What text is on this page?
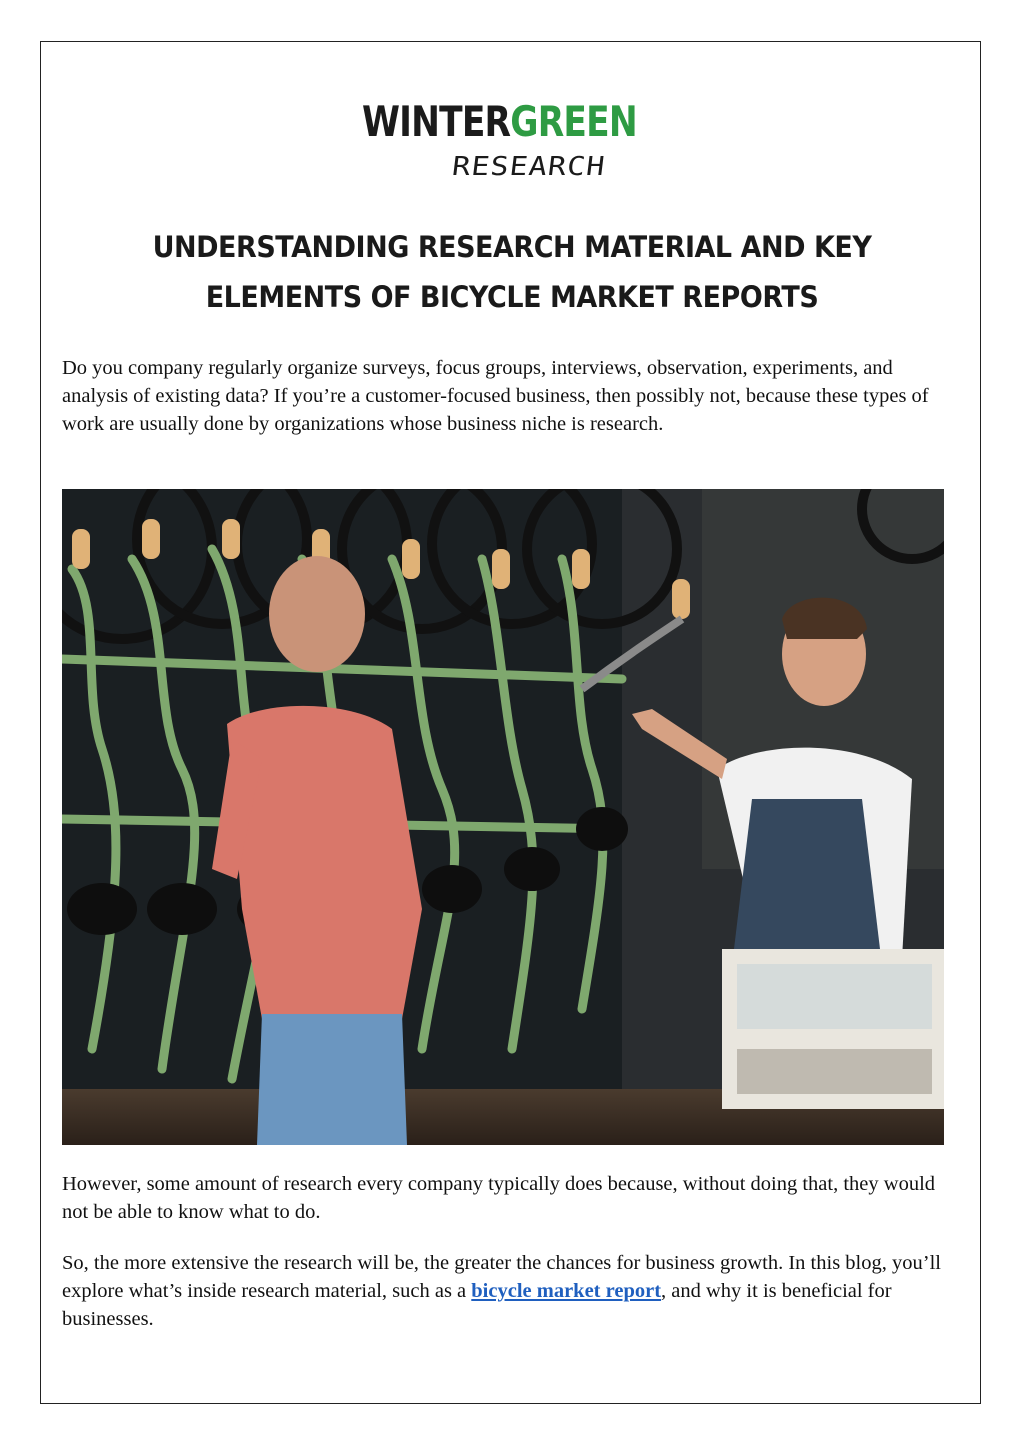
WINTERGREEN
RESEARCH
UNDERSTANDING RESEARCH MATERIAL AND KEY ELEMENTS OF BICYCLE MARKET REPORTS

Do you company regularly organize surveys, focus groups, interviews, observation, experiments, and analysis of existing data? If you’re a customer-focused business, then possibly not, because these types of work are usually done by organizations whose business niche is research.

However, some amount of research every company typically does because, without doing that, they would not be able to know what to do.

So, the more extensive the research will be, the greater the chances for business growth. In this blog, you’ll explore what’s inside research material, such as a bicycle market report, and why it is beneficial for businesses.
